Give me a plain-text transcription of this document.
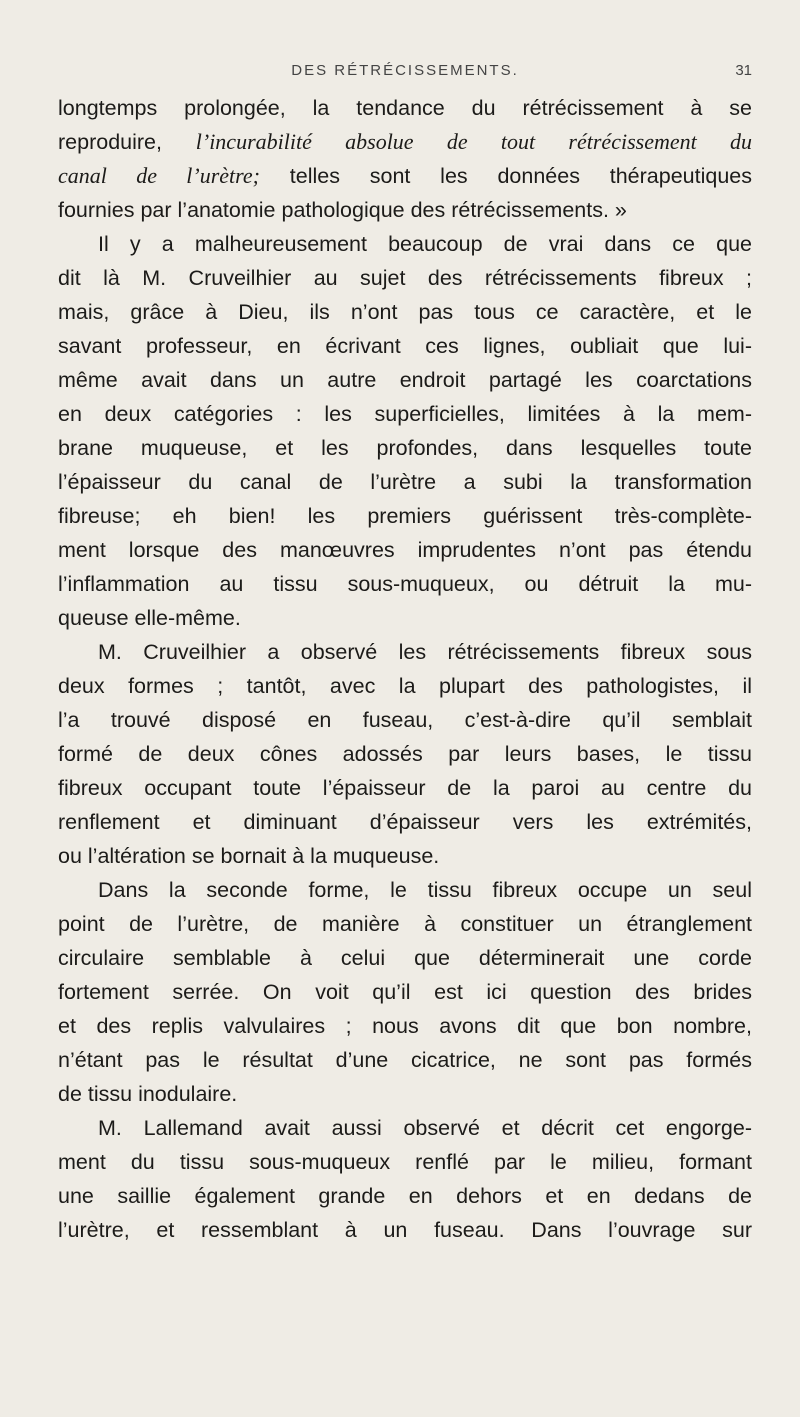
DES RÉTRÉCISSEMENTS.	31
longtemps prolongée, la tendance du rétrécissement à se
reproduire, l’incurabilité absolue de tout rétrécissement du
canal de l’urètre; telles sont les données thérapeutiques
fournies par l’anatomie pathologique des rétrécissements. »
Il y a malheureusement beaucoup de vrai dans ce que
dit là M. Cruveilhier au sujet des rétrécissements fibreux ;
mais, grâce à Dieu, ils n’ont pas tous ce caractère, et le
savant professeur, en écrivant ces lignes, oubliait que lui-
même avait dans un autre endroit partagé les coarctations
en deux catégories : les superficielles, limitées à la mem-
brane muqueuse, et les profondes, dans lesquelles toute
l’épaisseur du canal de l’urètre a subi la transformation
fibreuse; eh bien! les premiers guérissent très-complète-
ment lorsque des manœuvres imprudentes n’ont pas étendu
l’inflammation au tissu sous-muqueux, ou détruit la mu-
queuse elle-même.
M. Cruveilhier a observé les rétrécissements fibreux sous
deux formes ; tantôt, avec la plupart des pathologistes, il
l’a trouvé disposé en fuseau, c’est-à-dire qu’il semblait
formé de deux cônes adossés par leurs bases, le tissu
fibreux occupant toute l’épaisseur de la paroi au centre du
renflement et diminuant d’épaisseur vers les extrémités,
ou l’altération se bornait à la muqueuse.
Dans la seconde forme, le tissu fibreux occupe un seul
point de l’urètre, de manière à constituer un étranglement
circulaire semblable à celui que déterminerait une corde
fortement serrée. On voit qu’il est ici question des brides
et des replis valvulaires ; nous avons dit que bon nombre,
n’étant pas le résultat d’une cicatrice, ne sont pas formés
de tissu inodulaire.
M. Lallemand avait aussi observé et décrit cet engorge-
ment du tissu sous-muqueux renflé par le milieu, formant
une saillie également grande en dehors et en dedans de
l’urètre, et ressemblant à un fuseau. Dans l’ouvrage sur
